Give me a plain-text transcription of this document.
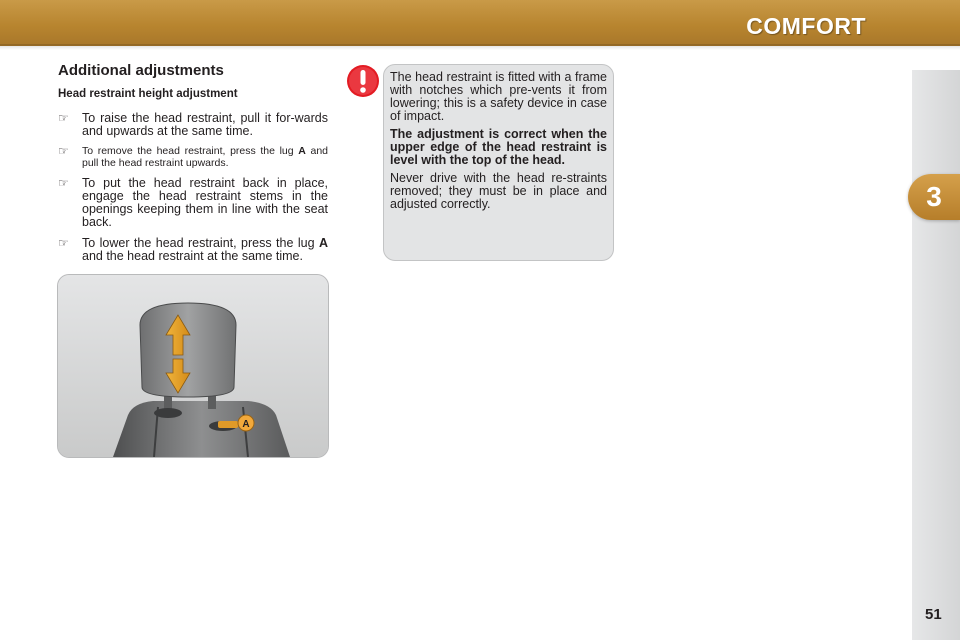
COMFORT
3
51
Additional adjustments
Head restraint height adjustment
☞ To raise the head restraint, pull it for-wards and upwards at the same time.
☞ To remove the head restraint, press the lug A and pull the head restraint upwards.
☞ To put the head restraint back in place, engage the head restraint stems in the openings keeping them in line with the seat back.
☞ To lower the head restraint, press the lug A and the head restraint at the same time.
A

The head restraint is fitted with a frame with notches which pre-vents it from lowering; this is a safety device in case of impact.

The adjustment is correct when the upper edge of the head restraint is level with the top of the head.

Never drive with the head re-straints removed; they must be in place and adjusted correctly.
